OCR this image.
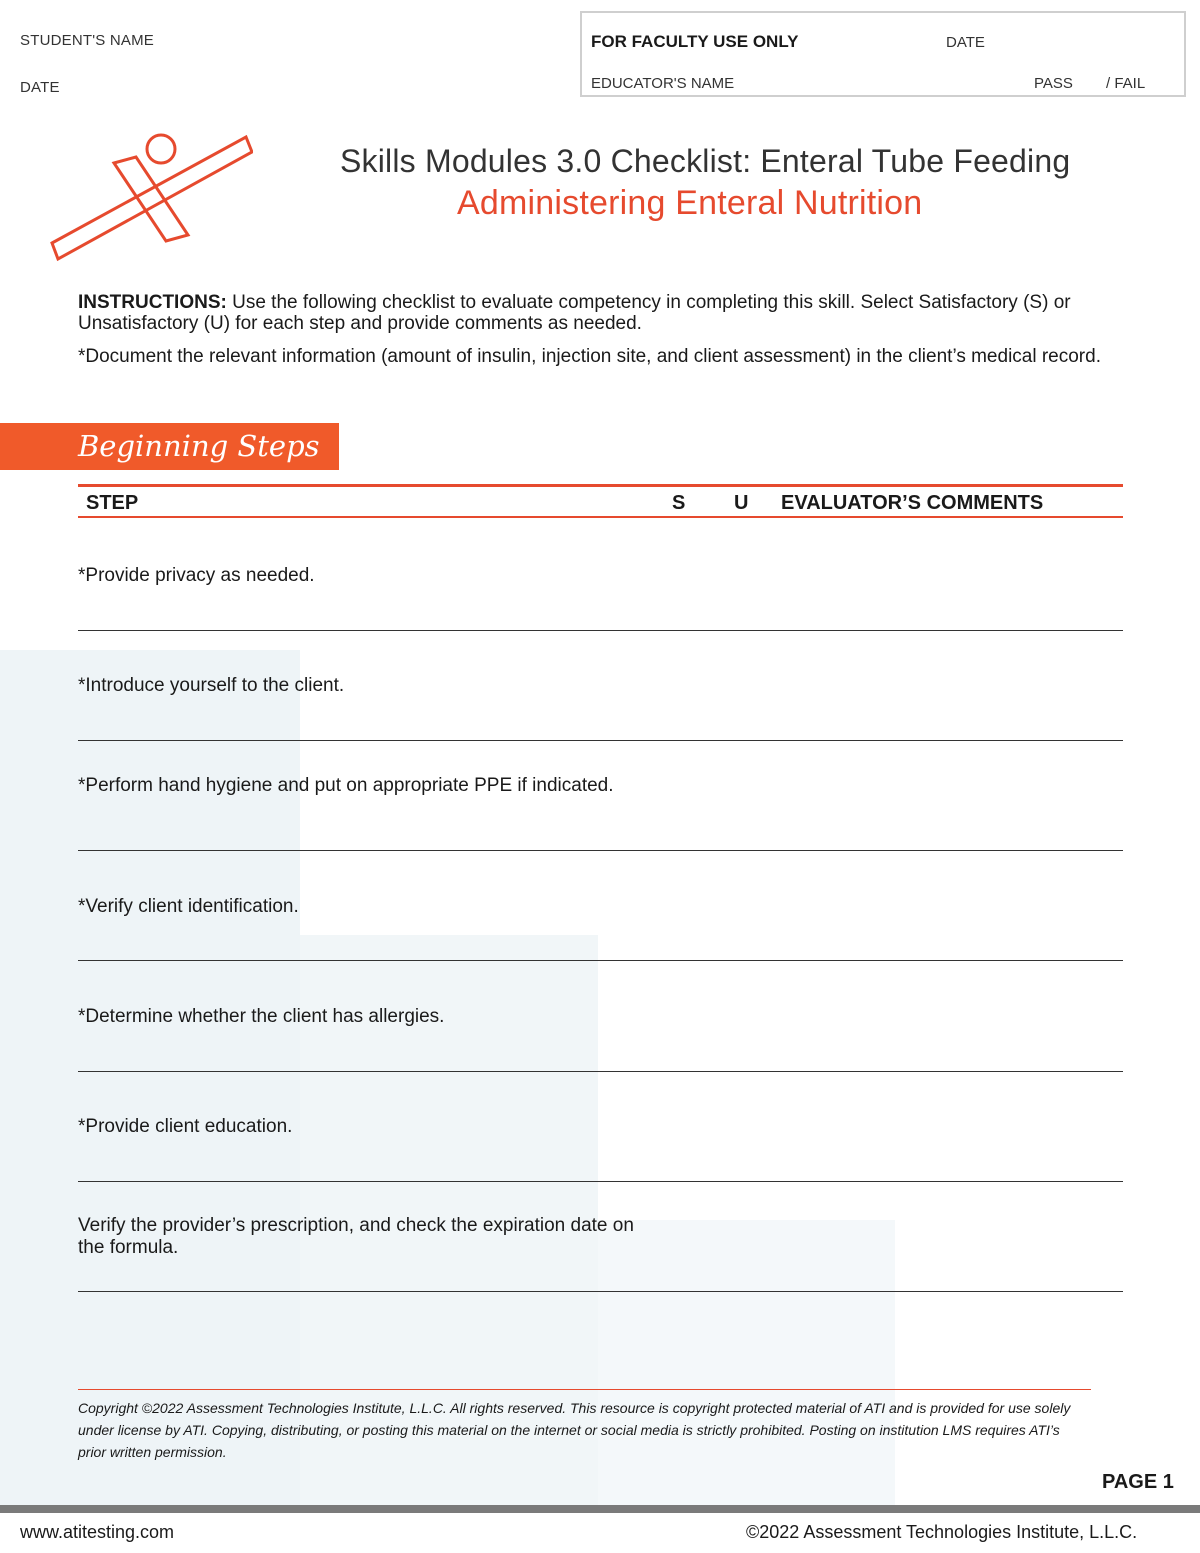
STUDENT'S NAME
DATE
FOR FACULTY USE ONLY	DATE
EDUCATOR'S NAME	PASS / FAIL
Skills Modules 3.0 Checklist: Enteral Tube Feeding
Administering Enteral Nutrition

INSTRUCTIONS: Use the following checklist to evaluate competency in completing this skill. Select Satisfactory (S) or Unsatisfactory (U) for each step and provide comments as needed.

*Document the relevant information (amount of insulin, injection site, and client assessment) in the client’s medical record.

Beginning Steps
STEP	S U EVALUATOR’S COMMENTS
*Provide privacy as needed.
*Introduce yourself to the client.
*Perform hand hygiene and put on appropriate PPE if indicated.
*Verify client identification.
*Determine whether the client has allergies.
*Provide client education.
Verify the provider’s prescription, and check the expiration date on the formula.
Copyright ©2022 Assessment Technologies Institute, L.L.C. All rights reserved. This resource is copyright protected material of ATI and is provided for use solely under license by ATI. Copying, distributing, or posting this material on the internet or social media is strictly prohibited. Posting on institution LMS requires ATI’s prior written permission.
PAGE 1
www.atitesting.com	©2022 Assessment Technologies Institute, L.L.C.
